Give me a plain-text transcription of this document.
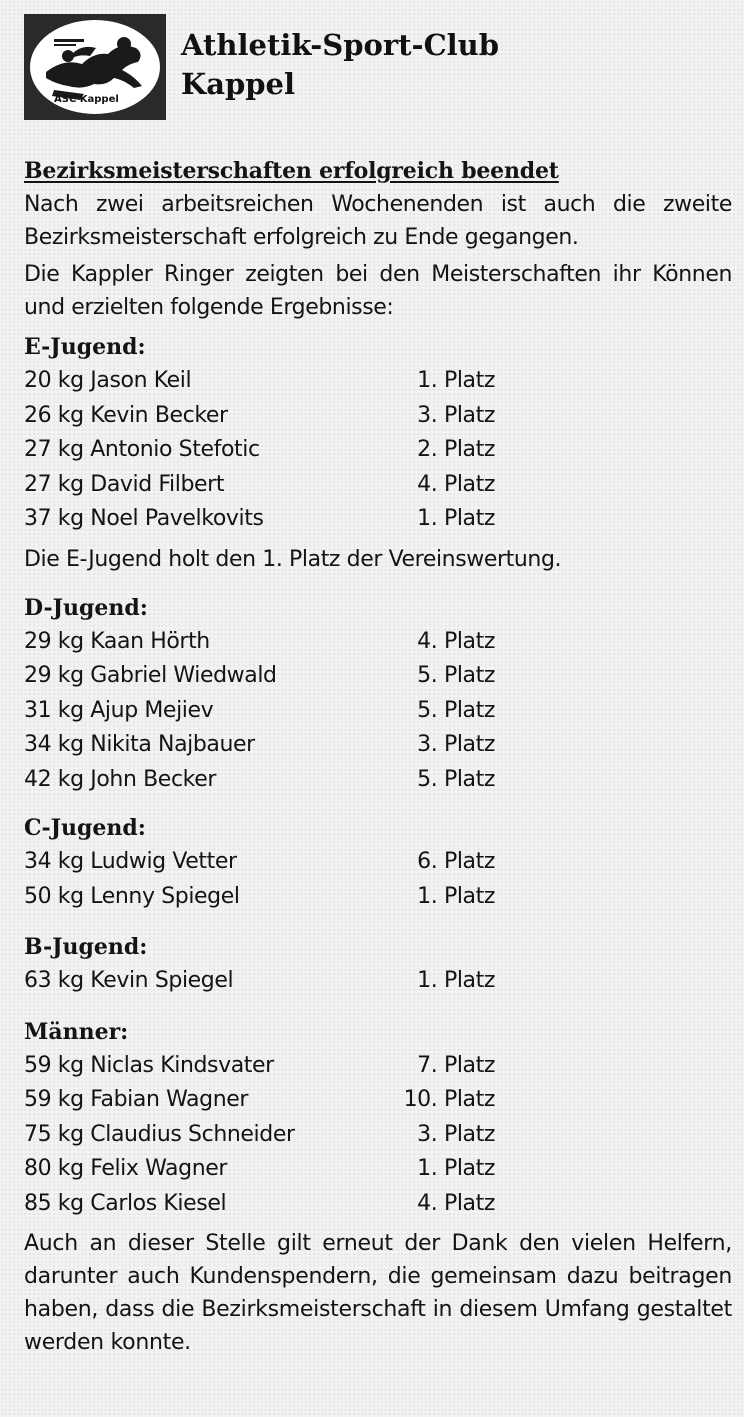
ASC Kappel
Athletik-Sport-Club
Kappel

Bezirksmeisterschaften erfolgreich beendet

Nach zwei arbeitsreichen Wochenenden ist auch die zweite Bezirksmeisterschaft erfolgreich zu Ende gegangen.

Die Kappler Ringer zeigten bei den Meisterschaften ihr Können und erzielten folgende Ergebnisse:

E-Jugend:

20 kg Jason Keil	1. Platz
26 kg Kevin Becker	3. Platz
27 kg Antonio Stefotic	2. Platz
27 kg David Filbert	4. Platz
37 kg Noel Pavelkovits	1. Platz

Die E-Jugend holt den 1. Platz der Vereinswertung.

D-Jugend:

29 kg Kaan Hörth	4. Platz
29 kg Gabriel Wiedwald	5. Platz
31 kg Ajup Mejiev	5. Platz
34 kg Nikita Najbauer	3. Platz
42 kg John Becker	5. Platz

C-Jugend:

34 kg Ludwig Vetter	6. Platz
50 kg Lenny Spiegel	1. Platz

B-Jugend:

63 kg Kevin Spiegel	1. Platz

Männer:

59 kg Niclas Kindsvater	7. Platz
59 kg Fabian Wagner	10. Platz
75 kg Claudius Schneider	3. Platz
80 kg Felix Wagner	1. Platz
85 kg Carlos Kiesel	4. Platz

Auch an dieser Stelle gilt erneut der Dank den vielen Helfern, darunter auch Kundenspendern, die gemeinsam dazu beitragen haben, dass die Bezirksmeisterschaft in diesem Umfang gestaltet werden konnte.
